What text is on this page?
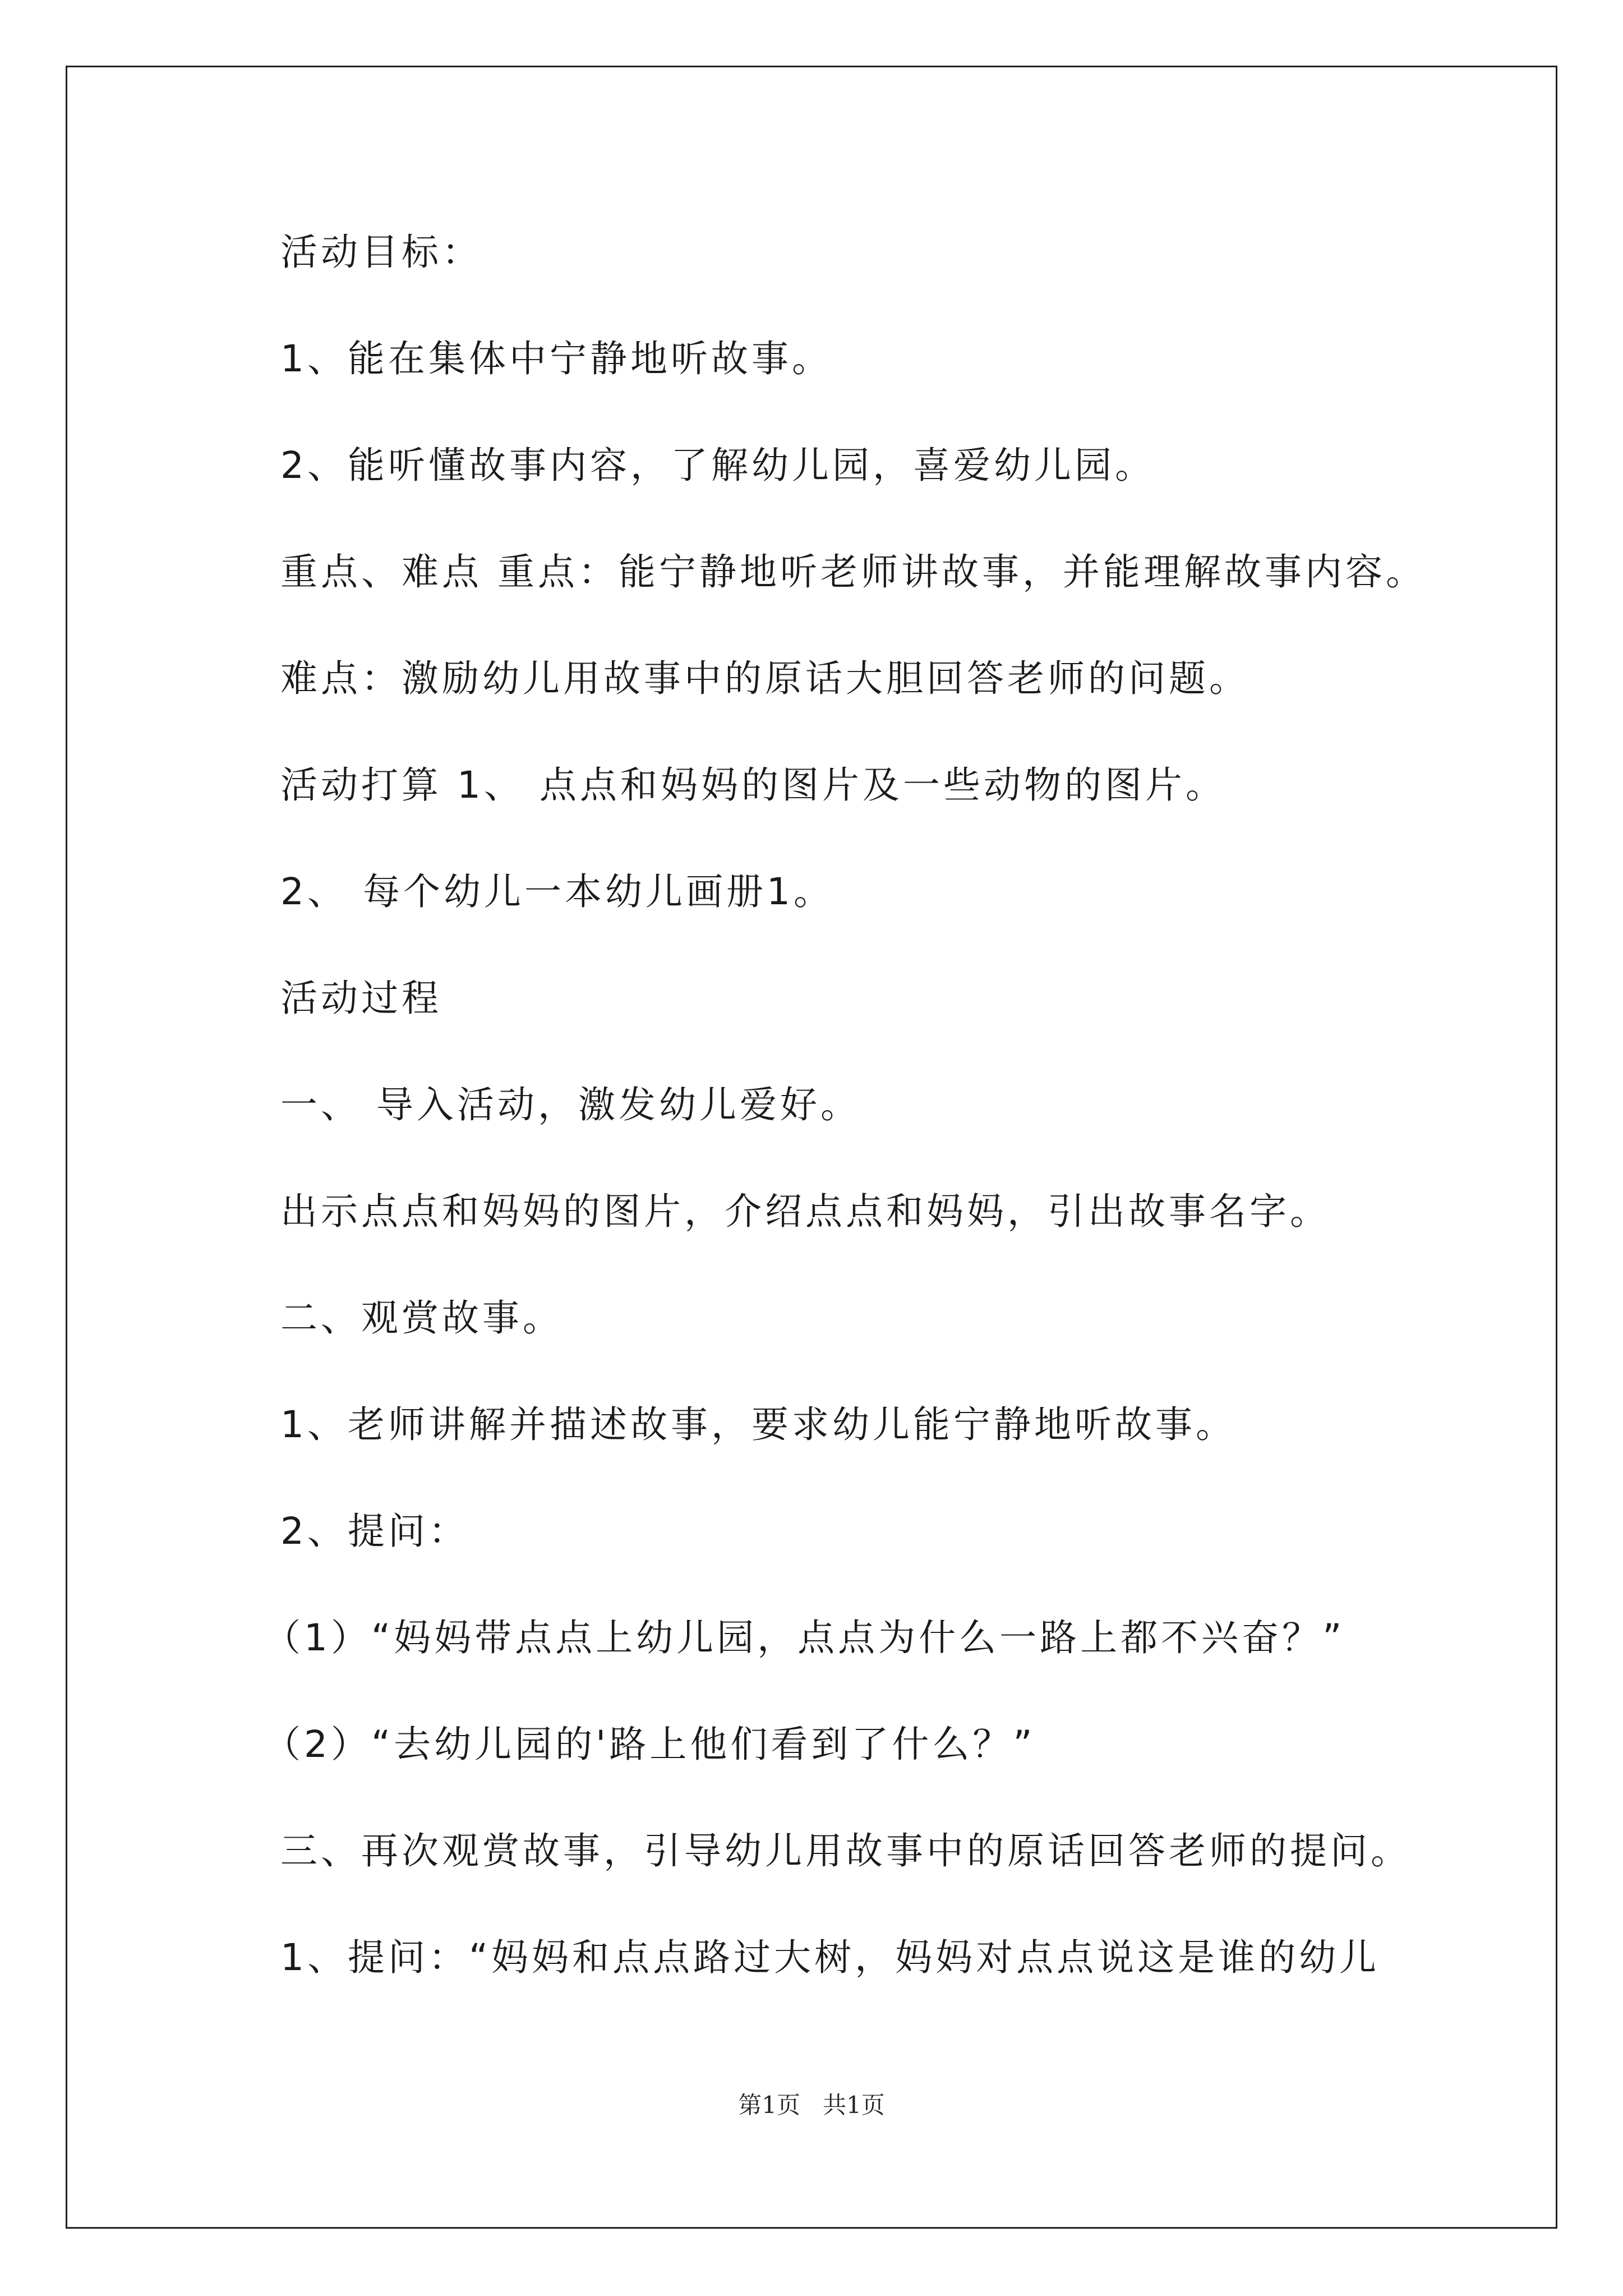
活动目标：
1、能在集体中宁静地听故事。
2、能听懂故事内容，了解幼儿园，喜爱幼儿园。
重点、难点 重点：能宁静地听老师讲故事，并能理解故事内容。
难点：激励幼儿用故事中的原话大胆回答老师的问题。
活动打算 1、 点点和妈妈的图片及一些动物的图片。
2、 每个幼儿一本幼儿画册1。
活动过程
一、 导入活动，激发幼儿爱好。
出示点点和妈妈的图片，介绍点点和妈妈，引出故事名字。
二、观赏故事。
1、老师讲解并描述故事，要求幼儿能宁静地听故事。
2、提问：
（1）“妈妈带点点上幼儿园，点点为什么一路上都不兴奋？”
（2）“去幼儿园的'路上他们看到了什么？”
三、再次观赏故事，引导幼儿用故事中的原话回答老师的提问。
1、提问：“妈妈和点点路过大树，妈妈对点点说这是谁的幼儿
第1页   共1页
